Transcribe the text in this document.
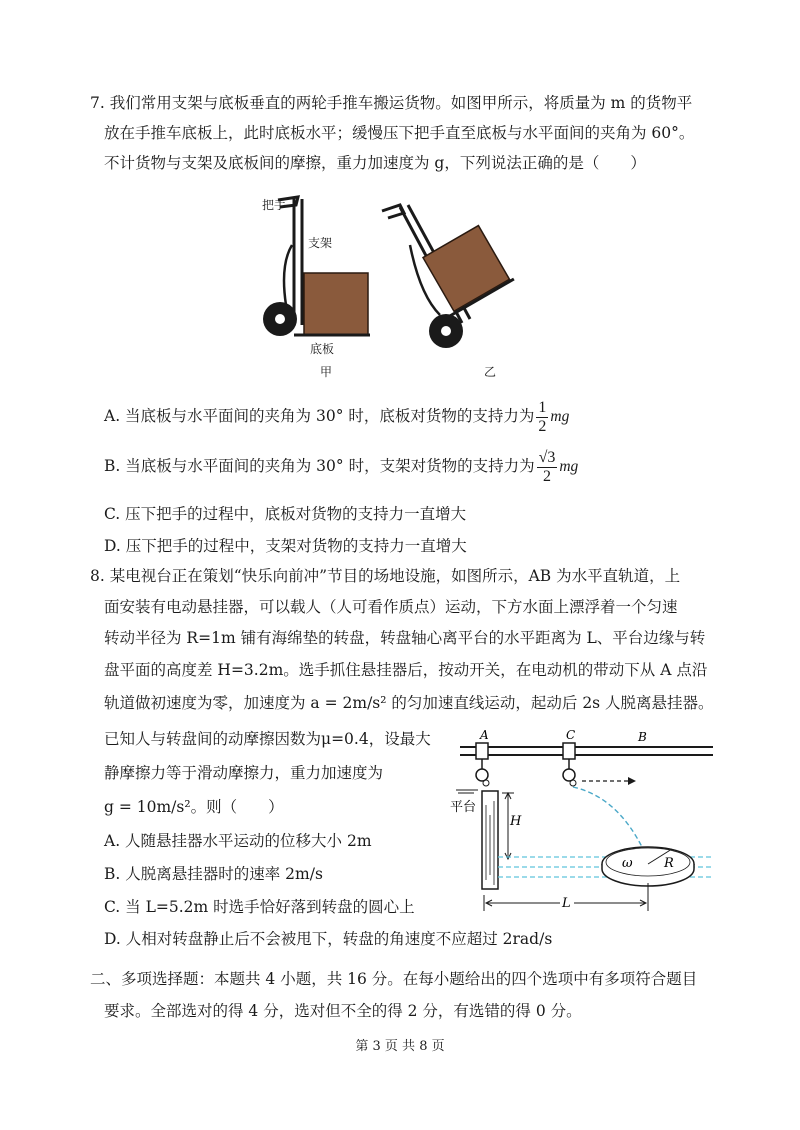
7. 我们常用支架与底板垂直的两轮手推车搬运货物。如图甲所示，将质量为 m 的货物平
放在手推车底板上，此时底板水平；缓慢压下把手直至底板与水平面间的夹角为 60°。
不计货物与支架及底板间的摩擦，重力加速度为 g，下列说法正确的是（　　）
把手
支架
底板
甲	乙
A. 当底板与水平面间的夹角为 30° 时，底板对货物的支持力为 $\frac{1}{2}$ mg
B. 当底板与水平面间的夹角为 30° 时，支架对货物的支持力为 $\frac{√3}{2}$ mg
C. 压下把手的过程中，底板对货物的支持力一直增大
D. 压下把手的过程中，支架对货物的支持力一直增大
8. 某电视台正在策划“快乐向前冲”节目的场地设施，如图所示，AB 为水平直轨道，上
面安装有电动悬挂器，可以载人（人可看作质点）运动，下方水面上漂浮着一个匀速
转动半径为 R=1m 铺有海绵垫的转盘，转盘轴心离平台的水平距离为 L、平台边缘与转
盘平面的高度差 H=3.2m。选手抓住悬挂器后，按动开关，在电动机的带动下从 A 点沿
轨道做初速度为零，加速度为 a = 2m/s² 的匀加速直线运动，起动后 2s 人脱离悬挂器。
已知人与转盘间的动摩擦因数为μ=0.4，设最大
静摩擦力等于滑动摩擦力，重力加速度为
g = 10m/s²。则（　　）
A. 人随悬挂器水平运动的位移大小 2m
B. 人脱离悬挂器时的速率 2m/s
C. 当 L=5.2m 时选手恰好落到转盘的圆心上
D. 人相对转盘静止后不会被甩下，转盘的角速度不应超过 2rad/s
A	C	B
平台
H
ω R
L
二、多项选择题：本题共 4 小题，共 16 分。在每小题给出的四个选项中有多项符合题目
要求。全部选对的得 4 分，选对但不全的得 2 分，有选错的得 0 分。
第 3 页 共 8 页
